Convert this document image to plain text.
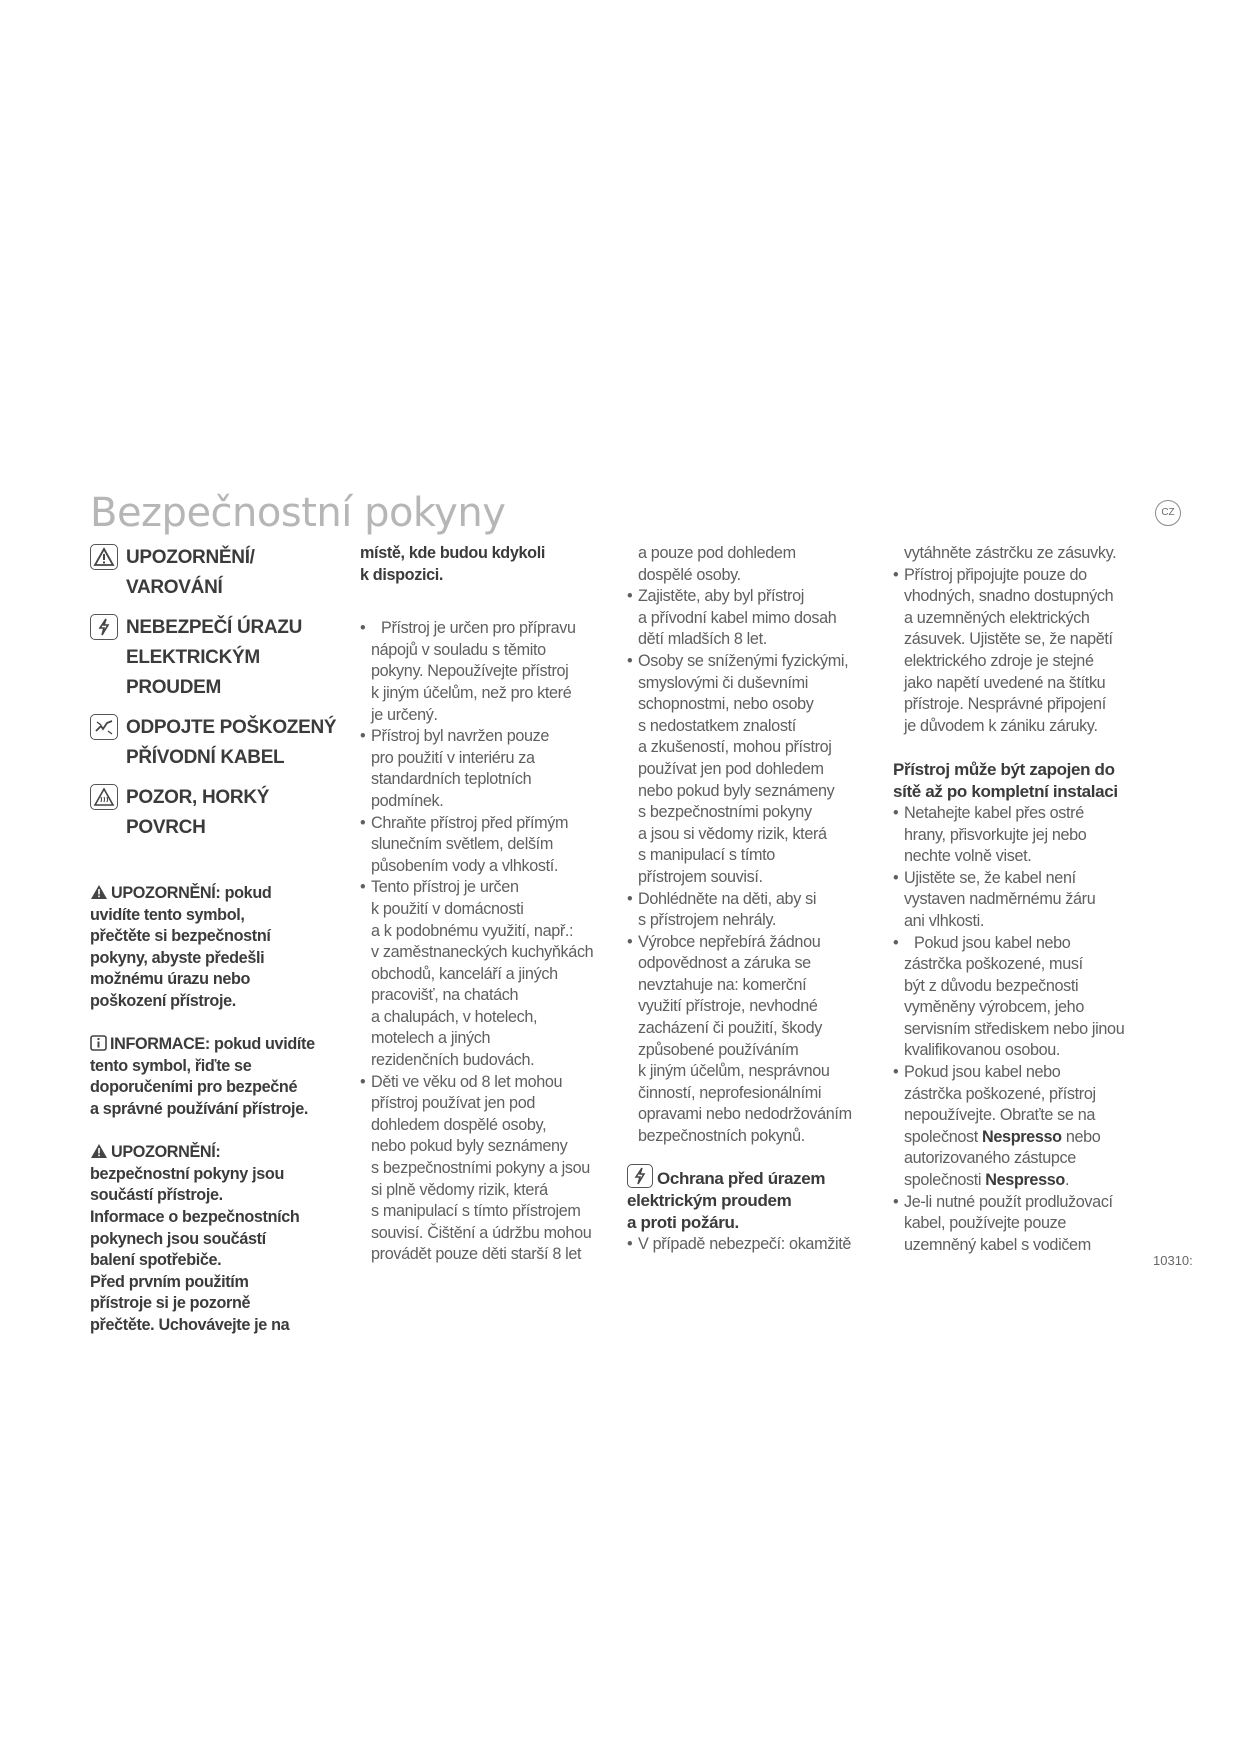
Bezpečnostní pokyny	CZ
UPOZORNĚNÍ/
VAROVÁNÍ
NEBEZPEČÍ ÚRAZU
ELEKTRICKÝM PROUDEM
ODPOJTE POŠKOZENÝ
PŘÍVODNÍ KABEL
POZOR, HORKÝ POVRCH

UPOZORNĚNÍ: pokud

uvidíte tento symbol,

přečtěte si bezpečnostní

pokyny, abyste předešli

možnému úrazu nebo

poškození přístroje.

INFORMACE: pokud uvidíte

tento symbol, řiďte se

doporučeními pro bezpečné

a správné používání přístroje.

UPOZORNĚNÍ:

bezpečnostní pokyny jsou

součástí přístroje.

Informace o bezpečnostních

pokynech jsou součástí

balení spotřebiče.

Před prvním použitím

přístroje si je pozorně

přečtěte. Uchovávejte je na

místě, kde budou kdykoli

k dispozici.

• Přístroj je určen pro přípravu

nápojů v souladu s těmito

pokyny. Nepoužívejte přístroj

k jiným účelům, než pro které

je určený.

• Přístroj byl navržen pouze

pro použití v interiéru za

standardních teplotních

podmínek.

• Chraňte přístroj před přímým

slunečním světlem, delším

působením vody a vlhkostí.

• Tento přístroj je určen

k použití v domácnosti

a k podobnému využití, např.:

v zaměstnaneckých kuchyňkách

obchodů, kanceláří a jiných

pracovišť, na chatách

a chalupách, v hotelech,

motelech a jiných

rezidenčních budovách.

• Děti ve věku od 8 let mohou

přístroj používat jen pod

dohledem dospělé osoby,

nebo pokud byly seznámeny

s bezpečnostními pokyny a jsou

si plně vědomy rizik, která

s manipulací s tímto přístrojem

souvisí. Čištění a údržbu mohou

provádět pouze děti starší 8 let

a pouze pod dohledem

dospělé osoby.

• Zajistěte, aby byl přístroj

a přívodní kabel mimo dosah

dětí mladších 8 let.

• Osoby se sníženými fyzickými,

smyslovými či duševními

schopnostmi, nebo osoby

s nedostatkem znalostí

a zkušeností, mohou přístroj

používat jen pod dohledem

nebo pokud byly seznámeny

s bezpečnostními pokyny

a jsou si vědomy rizik, která

s manipulací s tímto

přístrojem souvisí.

• Dohlédněte na děti, aby si

s přístrojem nehrály.

• Výrobce nepřebírá žádnou

odpovědnost a záruka se

nevztahuje na: komerční

využití přístroje, nevhodné

zacházení či použití, škody

způsobené používáním

k jiným účelům, nesprávnou

činností, neprofesionálními

opravami nebo nedodržováním

bezpečnostních pokynů.

Ochrana před úrazem

elektrickým proudem

a proti požáru.

• V případě nebezpečí: okamžitě

vytáhněte zástrčku ze zásuvky.

• Přístroj připojujte pouze do

vhodných, snadno dostupných

a uzemněných elektrických

zásuvek. Ujistěte se, že napětí

elektrického zdroje je stejné

jako napětí uvedené na štítku

přístroje. Nesprávné připojení

je důvodem k zániku záruky.

Přístroj může být zapojen do

sítě až po kompletní instalaci

• Netahejte kabel přes ostré

hrany, přisvorkujte jej nebo

nechte volně viset.

• Ujistěte se, že kabel není

vystaven nadměrnému žáru

ani vlhkosti.

• Pokud jsou kabel nebo

zástrčka poškozené, musí

být z důvodu bezpečnosti

vyměněny výrobcem, jeho

servisním střediskem nebo jinou

kvalifikovanou osobou.

• Pokud jsou kabel nebo

zástrčka poškozené, přístroj

nepoužívejte. Obraťte se na

společnost Nespresso nebo

autorizovaného zástupce

společnosti Nespresso.

• Je-li nutné použít prodlužovací

kabel, používejte pouze

uzemněný kabel s vodičem

10310:
